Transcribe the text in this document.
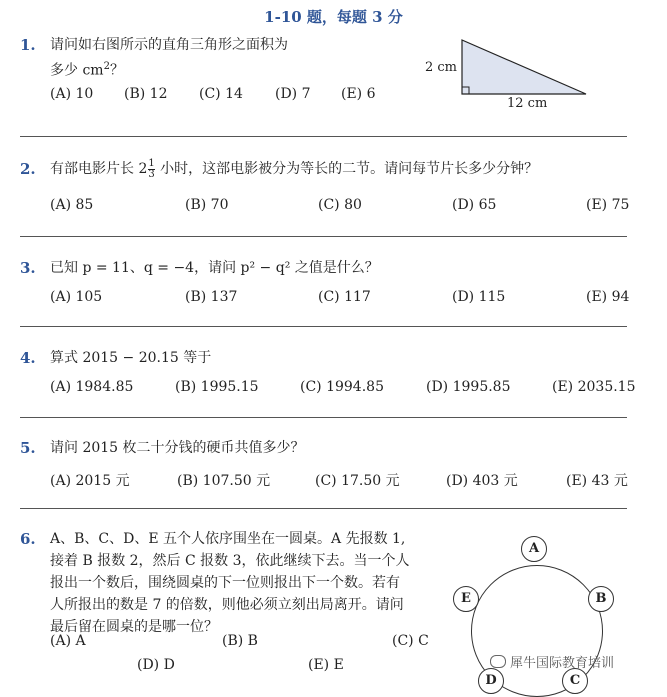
1-10 题，每题 3 分
1. 请问如右图所示的直角三角形之面积为
多少 $cm^2$？
(A) 10 (B) 12 (C) 14 (D) 7 (E) 6
2 cm
12 cm
2. 有部电影片长 $2 \frac{1}{3}$ 小时，这部电影被分为等长的二节。请问每节片长多少分钟？
(A) 85	(B) 70	(C) 80	(D) 65	(E) 75
3. 已知 p = 11、q = −4，请问 p² − q² 之值是什么？
(A) 105	(B) 137	(C) 117	(D) 115	(E) 94
4. 算式 2015 − 20.15 等于
(A) 1984.85	(B) 1995.15	(C) 1994.85	(D) 1995.85	(E) 2035.15
5. 请问 2015 枚二十分钱的硬币共值多少？
(A) 2015 元	(B) 107.50 元	(C) 17.50 元	(D) 403 元	(E) 43 元
6. A、B、C、D、E 五个人依序围坐在一圆桌。A 先报数 1,
接着 B 报数 2，然后 C 报数 3，依此继续下去。当一个人
报出一个数后，围绕圆桌的下一位则报出下一个数。若有
人所报出的数是 7 的倍数，则他必须立刻出局离开。请问
最后留在圆桌的是哪一位？
(A) A	(B) B	(C) C
(D) D	(E) E
A
B
C
D
E
犀牛国际教育培训
